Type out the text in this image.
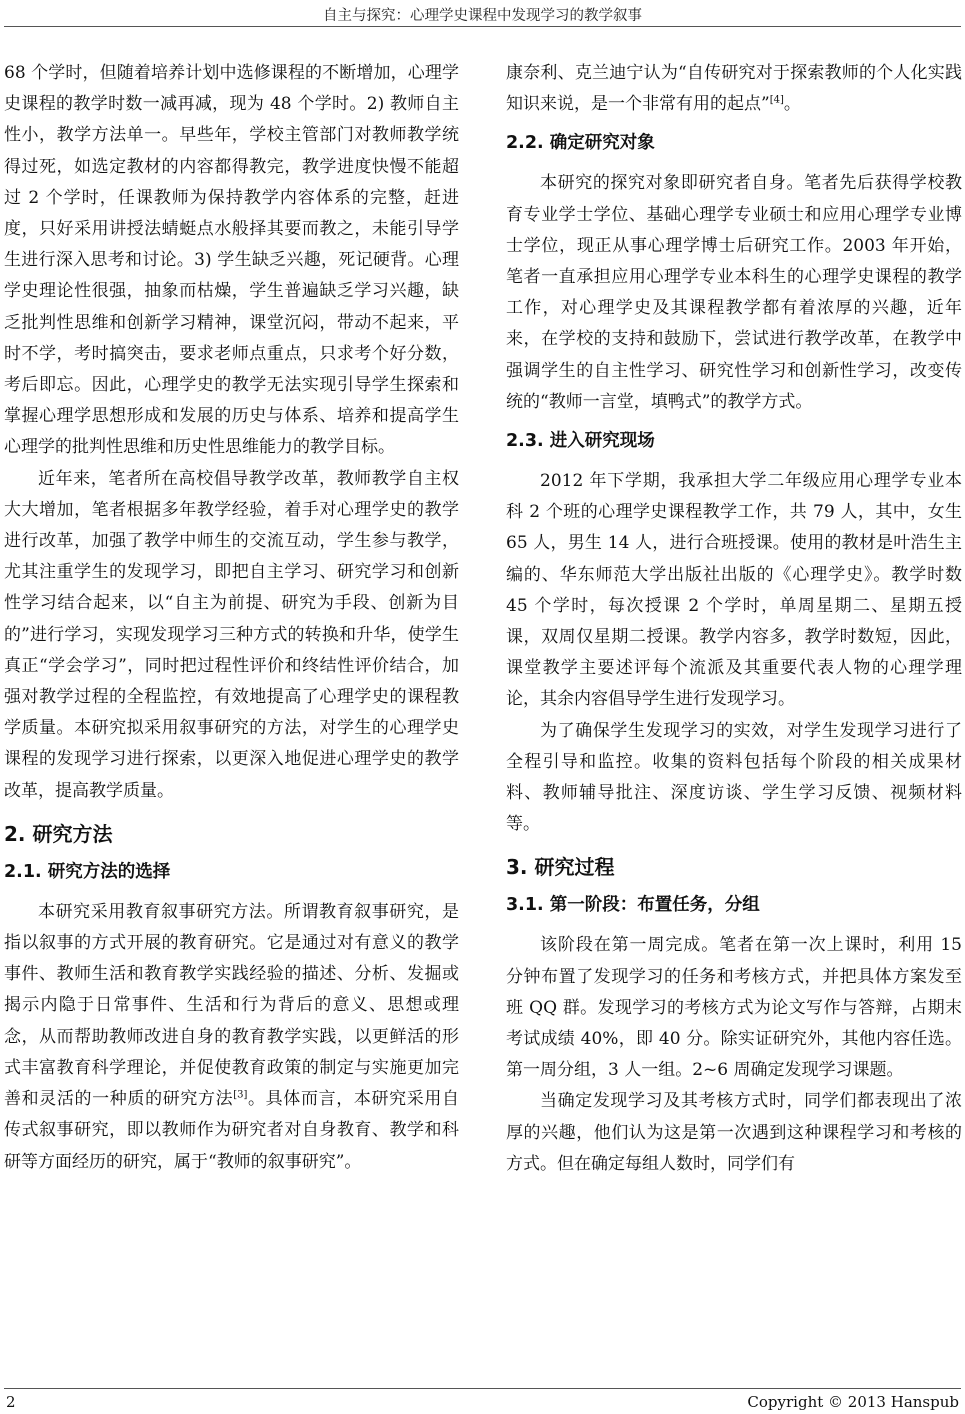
自主与探究：心理学史课程中发现学习的教学叙事

68 个学时，但随着培养计划中选修课程的不断增加，心理学史课程的教学时数一减再减，现为 48 个学时。2) 教师自主性小，教学方法单一。早些年，学校主管部门对教师教学统得过死，如选定教材的内容都得教完，教学进度快慢不能超过 2 个学时，任课教师为保持教学内容体系的完整，赶进度，只好采用讲授法蜻蜓点水般择其要而教之，未能引导学生进行深入思考和讨论。3) 学生缺乏兴趣，死记硬背。心理学史理论性很强，抽象而枯燥，学生普遍缺乏学习兴趣，缺乏批判性思维和创新学习精神，课堂沉闷，带动不起来，平时不学，考时搞突击，要求老师点重点，只求考个好分数，考后即忘。因此，心理学史的教学无法实现引导学生探索和掌握心理学思想形成和发展的历史与体系、培养和提高学生心理学的批判性思维和历史性思维能力的教学目标。

近年来，笔者所在高校倡导教学改革，教师教学自主权大大增加，笔者根据多年教学经验，着手对心理学史的教学进行改革，加强了教学中师生的交流互动，学生参与教学，尤其注重学生的发现学习，即把自主学习、研究学习和创新性学习结合起来，以“自主为前提、研究为手段、创新为目的”进行学习，实现发现学习三种方式的转换和升华，使学生真正“学会学习”，同时把过程性评价和终结性评价结合，加强对教学过程的全程监控，有效地提高了心理学史的课程教学质量。本研究拟采用叙事研究的方法，对学生的心理学史课程的发现学习进行探索，以更深入地促进心理学史的教学改革，提高教学质量。

2. 研究方法
2.1. 研究方法的选择

本研究采用教育叙事研究方法。所谓教育叙事研究，是指以叙事的方式开展的教育研究。它是通过对有意义的教学事件、教师生活和教育教学实践经验的描述、分析、发掘或揭示内隐于日常事件、生活和行为背后的意义、思想或理念，从而帮助教师改进自身的教育教学实践，以更鲜活的形式丰富教育科学理论，并促使教育政策的制定与实施更加完善和灵活的一种质的研究方法[3]。具体而言，本研究采用自传式叙事研究，即以教师作为研究者对自身教育、教学和科研等方面经历的研究，属于“教师的叙事研究”。

康奈利、克兰迪宁认为“自传研究对于探索教师的个人化实践知识来说，是一个非常有用的起点”[4]。

2.2. 确定研究对象

本研究的探究对象即研究者自身。笔者先后获得学校教育专业学士学位、基础心理学专业硕士和应用心理学专业博士学位，现正从事心理学博士后研究工作。2003 年开始，笔者一直承担应用心理学专业本科生的心理学史课程的教学工作，对心理学史及其课程教学都有着浓厚的兴趣，近年来，在学校的支持和鼓励下，尝试进行教学改革，在教学中强调学生的自主性学习、研究性学习和创新性学习，改变传统的“教师一言堂，填鸭式”的教学方式。

2.3. 进入研究现场

2012 年下学期，我承担大学二年级应用心理学专业本科 2 个班的心理学史课程教学工作，共 79 人，其中，女生 65 人，男生 14 人，进行合班授课。使用的教材是叶浩生主编的、华东师范大学出版社出版的《心理学史》。教学时数 45 个学时，每次授课 2 个学时，单周星期二、星期五授课，双周仅星期二授课。教学内容多，教学时数短，因此，课堂教学主要述评每个流派及其重要代表人物的心理学理论，其余内容倡导学生进行发现学习。

为了确保学生发现学习的实效，对学生发现学习进行了全程引导和监控。收集的资料包括每个阶段的相关成果材料、教师辅导批注、深度访谈、学生学习反馈、视频材料等。

3. 研究过程
3.1. 第一阶段：布置任务，分组

该阶段在第一周完成。笔者在第一次上课时，利用 15 分钟布置了发现学习的任务和考核方式，并把具体方案发至班 QQ 群。发现学习的考核方式为论文写作与答辩，占期末考试成绩 40%，即 40 分。除实证研究外，其他内容任选。第一周分组，3 人一组。2~6 周确定发现学习课题。

当确定发现学习及其考核方式时，同学们都表现出了浓厚的兴趣，他们认为这是第一次遇到这种课程学习和考核的方式。但在确定每组人数时，同学们有

2	Copyright © 2013 Hanspub
